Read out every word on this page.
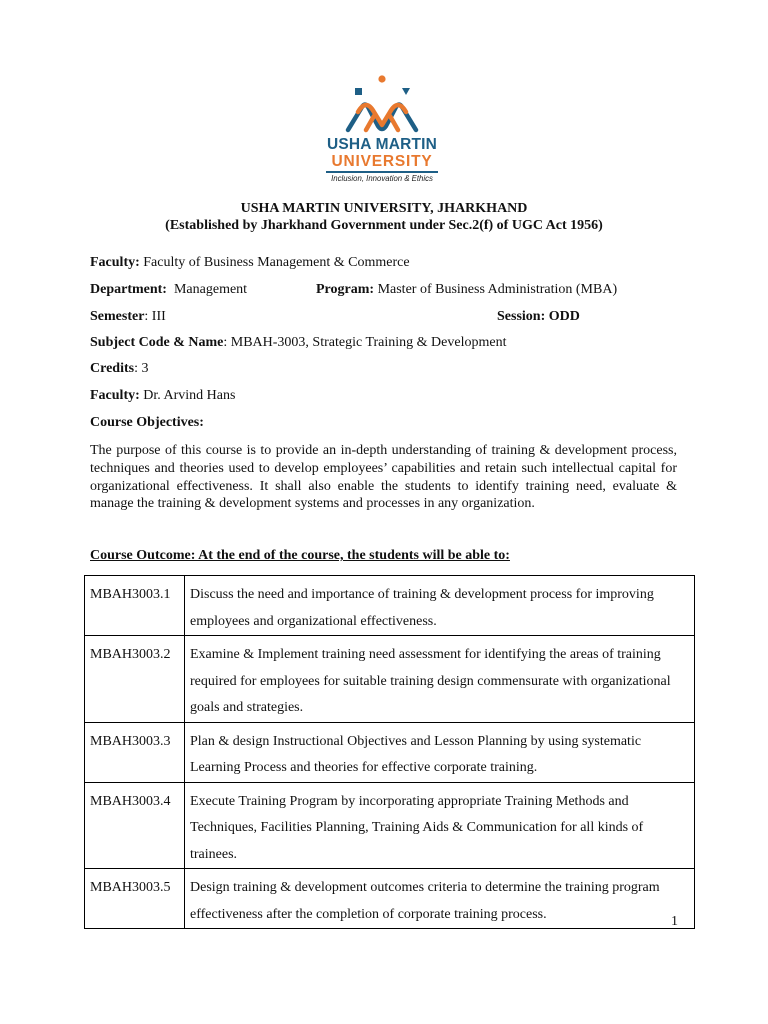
USHA MARTIN
UNIVERSITY
Inclusion, Innovation & Ethics
USHA MARTIN UNIVERSITY, JHARKHAND
(Established by Jharkhand Government under Sec.2(f) of UGC Act 1956)
Faculty: Faculty of Business Management & Commerce
Department:  Management	Program: Master of Business Administration (MBA)
Semester: III	Session: ODD
Subject Code & Name: MBAH-3003, Strategic Training & Development
Credits: 3
Faculty: Dr. Arvind Hans
Course Objectives:
The purpose of this course is to provide an in-depth understanding of training & development process, techniques and theories used to develop employees’ capabilities and retain such intellectual capital for organizational effectiveness. It shall also enable the students to identify training need, evaluate & manage the training & development systems and processes in any organization.
Course Outcome: At the end of the course, the students will be able to:
MBAH3003.1	Discuss the need and importance of training & development process for improving employees and organizational effectiveness.
MBAH3003.2	Examine & Implement training need assessment for identifying the areas of training required for employees for suitable training design commensurate with organizational goals and strategies.
MBAH3003.3	Plan & design Instructional Objectives and Lesson Planning by using systematic Learning Process and theories for effective corporate training.
MBAH3003.4	Execute Training Program by incorporating appropriate Training Methods and Techniques, Facilities Planning, Training Aids & Communication for all kinds of trainees.
MBAH3003.5	Design training & development outcomes criteria to determine the training program effectiveness after the completion of corporate training process.	1
